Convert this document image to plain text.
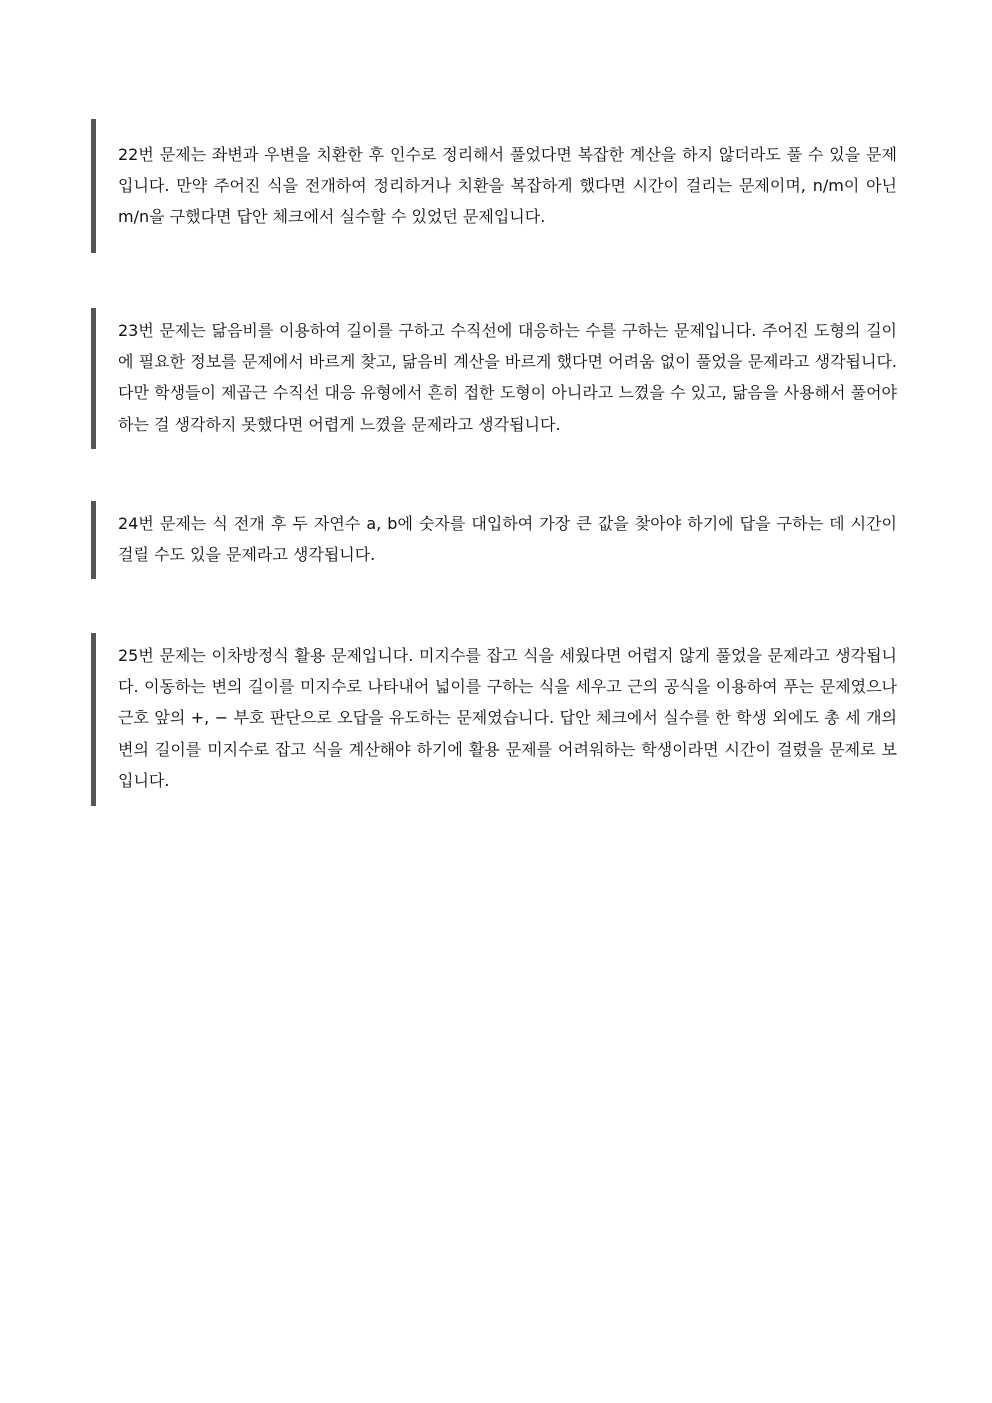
22번 문제는 좌변과 우변을 치환한 후 인수로 정리해서 풀었다면 복잡한 계산을 하지 않더라도 풀 수 있을 문제입니다. 만약 주어진 식을 전개하여 정리하거나 치환을 복잡하게 했다면 시간이 걸리는 문제이며, n/m이 아닌 m/n을 구했다면 답안 체크에서 실수할 수 있었던 문제입니다.

23번 문제는 닮음비를 이용하여 길이를 구하고 수직선에 대응하는 수를 구하는 문제입니다. 주어진 도형의 길이에 필요한 정보를 문제에서 바르게 찾고, 닮음비 계산을 바르게 했다면 어려움 없이 풀었을 문제라고 생각됩니다. 다만 학생들이 제곱근 수직선 대응 유형에서 흔히 접한 도형이 아니라고 느꼈을 수 있고, 닮음을 사용해서 풀어야 하는 걸 생각하지 못했다면 어렵게 느꼈을 문제라고 생각됩니다.

24번 문제는 식 전개 후 두 자연수 a, b에 숫자를 대입하여 가장 큰 값을 찾아야 하기에 답을 구하는 데 시간이 걸릴 수도 있을 문제라고 생각됩니다.

25번 문제는 이차방정식 활용 문제입니다. 미지수를 잡고 식을 세웠다면 어렵지 않게 풀었을 문제라고 생각됩니다. 이동하는 변의 길이를 미지수로 나타내어 넓이를 구하는 식을 세우고 근의 공식을 이용하여 푸는 문제였으나 근호 앞의 +, − 부호 판단으로 오답을 유도하는 문제였습니다. 답안 체크에서 실수를 한 학생 외에도 총 세 개의 변의 길이를 미지수로 잡고 식을 계산해야 하기에 활용 문제를 어려워하는 학생이라면 시간이 걸렸을 문제로 보입니다.
